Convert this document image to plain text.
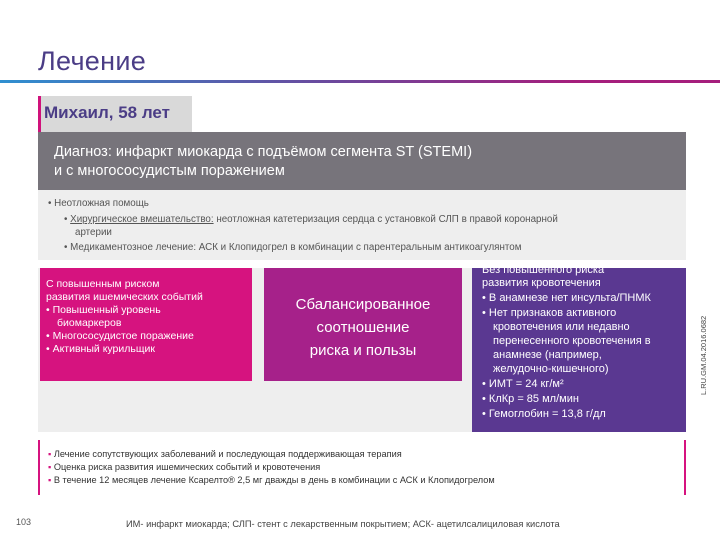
Лечение
Михаил, 58 лет
Диагноз: инфаркт миокарда с подъёмом сегмента ST (STEMI)
и с многососудистым поражением
• Неотложная помощь
• Хирургическое вмешательство: неотложная катетеризация сердца с установкой СЛП в правой коронарной
артерии
• Медикаментозное лечение: АСК и Клопидогрел в комбинации с парентеральным антикоагулянтом
С повышенным риском
развития ишемических событий
• Повышенный уровень
биомаркеров
• Многососудистое поражение
• Активный курильщик
Сбалансированное
соотношение
риска и пользы
Без повышенного риска
развития кровотечения
• В анамнезе нет инсульта/ПНМК
• Нет признаков активного
кровотечения или недавно
перенесенного кровотечения в
анамнезе (например,
желудочно-кишечного)
• ИМТ = 24 кг/м²
• КлКр = 85 мл/мин
• Гемоглобин = 13,8 г/дл
▪ Лечение сопутствующих заболеваний и последующая поддерживающая терапия
▪ Оценка риска развития ишемических событий и кровотечения
▪ В течение 12 месяцев лечение Ксарелто® 2,5 мг дважды в день в комбинации с АСК и Клопидогрелом
103	ИМ- инфаркт миокарда; СЛП- стент с лекарственным покрытием; АСК- ацетилсалициловая кислота
L.RU.GM.04.2016.0682
